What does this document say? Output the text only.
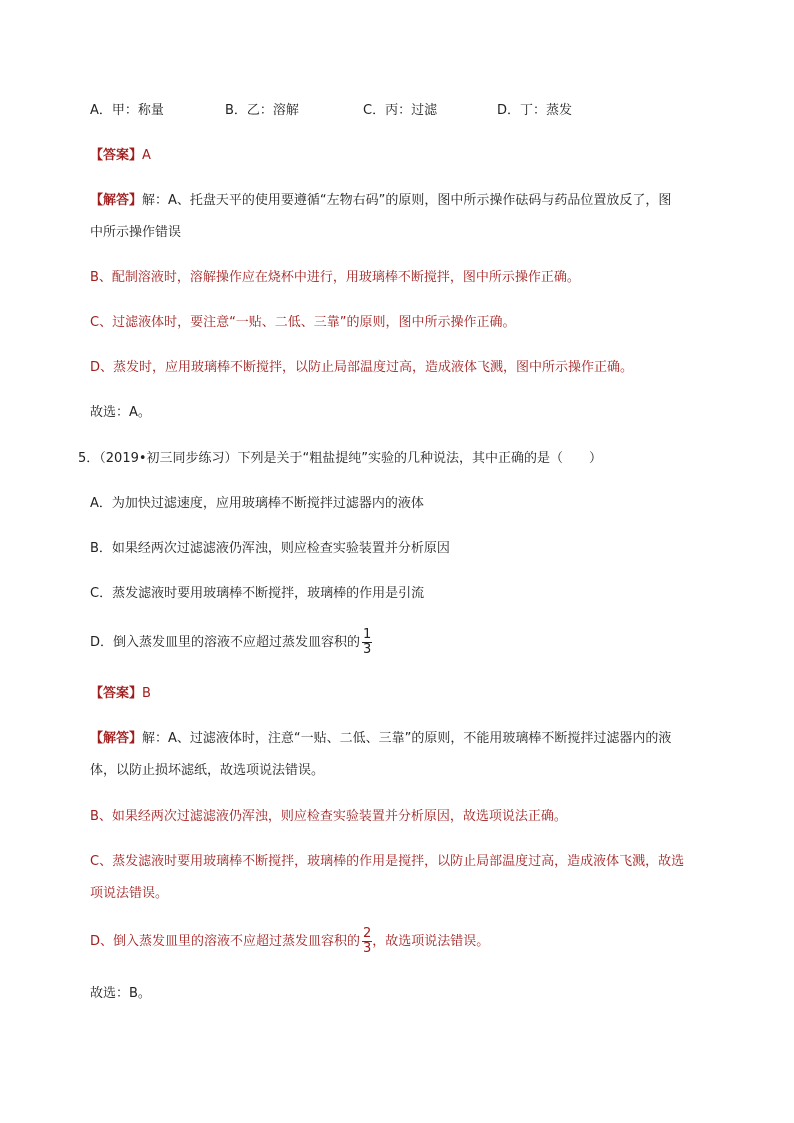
A．甲：称量	B．乙：溶解	C．丙：过滤	D．丁：蒸发
【答案】A
【解答】解：A、托盘天平的使用要遵循“左物右码”的原则，图中所示操作砝码与药品位置放反了，图
中所示操作错误
B、配制溶液时，溶解操作应在烧杯中进行，用玻璃棒不断搅拌，图中所示操作正确。
C、过滤液体时，要注意“一贴、二低、三靠”的原则，图中所示操作正确。
D、蒸发时，应用玻璃棒不断搅拌，以防止局部温度过高，造成液体飞溅，图中所示操作正确。
故选：A。
5．（2019•初三同步练习）下列是关于“粗盐提纯”实验的几种说法，其中正确的是（　　）
A．为加快过滤速度，应用玻璃棒不断搅拌过滤器内的液体
B．如果经两次过滤滤液仍浑浊，则应检查实验装置并分析原因
C．蒸发滤液时要用玻璃棒不断搅拌，玻璃棒的作用是引流
D．倒入蒸发皿里的溶液不应超过蒸发皿容积的 $\frac{1}{3}$
【答案】B
【解答】解：A、过滤液体时，注意“一贴、二低、三靠”的原则，不能用玻璃棒不断搅拌过滤器内的液
体，以防止损坏滤纸，故选项说法错误。
B、如果经两次过滤滤液仍浑浊，则应检查实验装置并分析原因，故选项说法正确。
C、蒸发滤液时要用玻璃棒不断搅拌，玻璃棒的作用是搅拌，以防止局部温度过高，造成液体飞溅，故选
项说法错误。
D、倒入蒸发皿里的溶液不应超过蒸发皿容积的 $\frac{2}{3}$ ，故选项说法错误。
故选：B。
